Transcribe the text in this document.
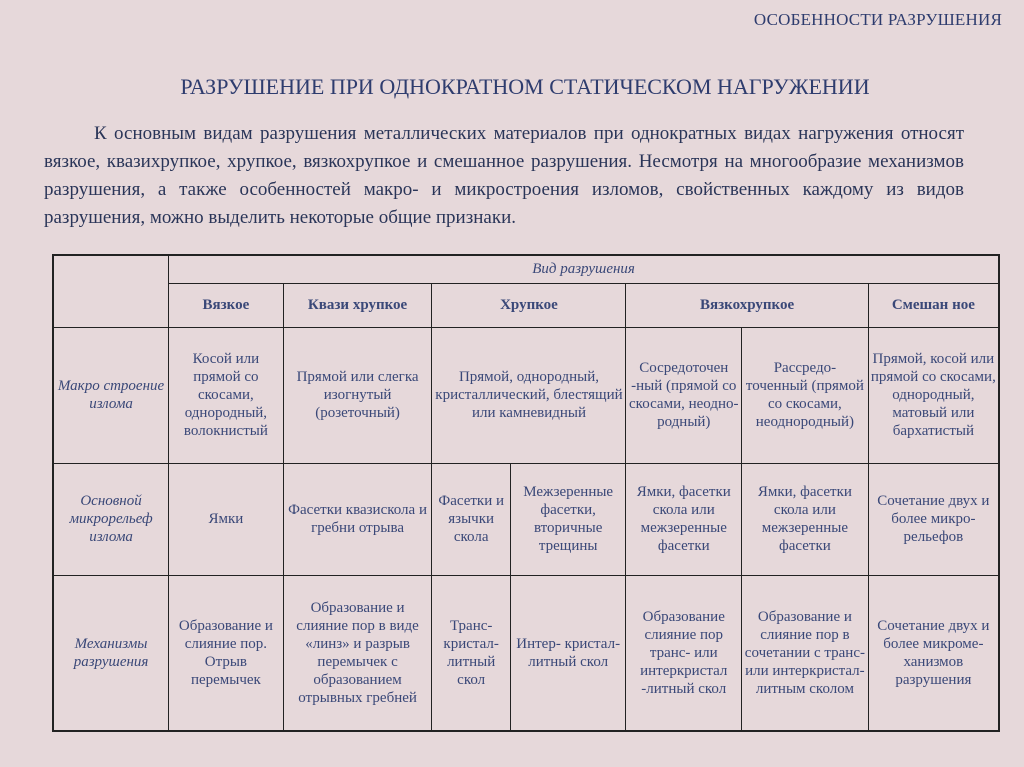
ОСОБЕННОСТИ РАЗРУШЕНИЯ
РАЗРУШЕНИЕ ПРИ ОДНОКРАТНОМ СТАТИЧЕСКОМ НАГРУЖЕНИИ
К основным видам разрушения металлических материалов при однократных видах нагружения относят вязкое, квазихрупкое, хрупкое, вязкохрупкое и смешанное разрушения. Несмотря на многообразие механизмов разрушения, а также особенностей макро- и микростроения изломов, свойственных каждому из видов разрушения, можно выделить некоторые общие признаки.
	Вид разрушения						
	Вязкое	Квази хрупкое	Хрупкое		Вязкохрупкое		Смешан ное
Макро строение излома	Косой или прямой со скосами, однородный, волокнистый	Прямой или слегка изогнутый (розеточный)	Прямой, однородный, кристаллический, блестящий или камневидный		Сосредоточен -ный (прямой со скосами, неодно- родный)	Рассредо- точенный (прямой со скосами, неоднородный)	Прямой, косой или прямой со скосами, однородный, матовый или бархатистый
Основной микрорельеф излома	Ямки	Фасетки квазискола и гребни отрыва	Фасетки и язычки скола	Межзеренные фасетки, вторичные трещины	Ямки, фасетки скола или межзеренные фасетки	Ямки, фасетки скола или межзеренные фасетки	Сочетание двух и более микро- рельефов
Механизмы разрушения	Образование и слияние пор. Отрыв перемычек	Образование и слияние пор в виде «линз» и разрыв перемычек с образованием отрывных гребней	Транс- кристал- литный скол	Интер- кристал- литный скол	Образование слияние пор транс- или интеркристал -литный скол	Образование и слияние пор в сочетании с транс- или интеркристал- литным сколом	Сочетание двух и более микроме- ханизмов разрушения
